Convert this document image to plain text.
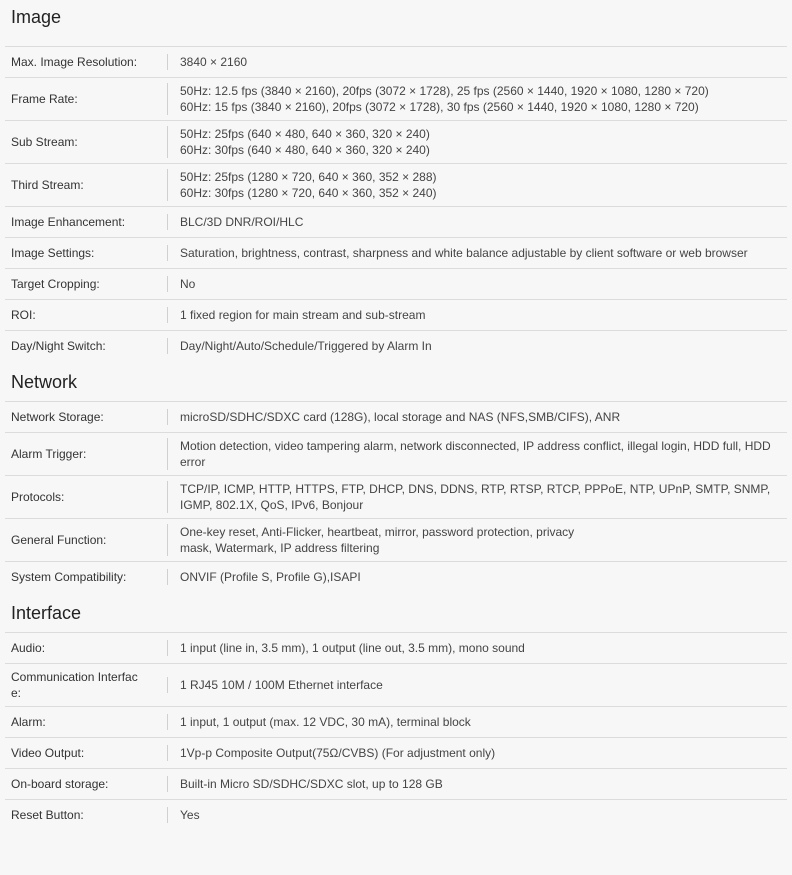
Image
Max. Image Resolution:	3840 × 2160

Frame Rate:	50Hz: 12.5 fps (3840 × 2160), 20fps (3072 × 1728), 25 fps (2560 × 1440, 1920 × 1080, 1280 × 720)
60Hz: 15 fps (3840 × 2160), 20fps (3072 × 1728), 30 fps (2560 × 1440, 1920 × 1080, 1280 × 720)

Sub Stream:	50Hz: 25fps (640 × 480, 640 × 360, 320 × 240)
60Hz: 30fps (640 × 480, 640 × 360, 320 × 240)

Third Stream:	50Hz: 25fps (1280 × 720, 640 × 360, 352 × 288)
60Hz: 30fps (1280 × 720, 640 × 360, 352 × 240)

Image Enhancement:	BLC/3D DNR/ROI/HLC

Image Settings:	Saturation, brightness, contrast, sharpness and white balance adjustable by client software or web browser

Target Cropping:	No

ROI:	1 fixed region for main stream and sub-stream

Day/Night Switch:	Day/Night/Auto/Schedule/Triggered by Alarm In
Network
Network Storage:	microSD/SDHC/SDXC card (128G), local storage and NAS (NFS,SMB/CIFS), ANR

Alarm Trigger:	Motion detection, video tampering alarm, network disconnected, IP address conflict, illegal login, HDD full, HDD
error

Protocols:	TCP/IP, ICMP, HTTP, HTTPS, FTP, DHCP, DNS, DDNS, RTP, RTSP, RTCP, PPPoE, NTP, UPnP, SMTP, SNMP,
IGMP, 802.1X, QoS, IPv6, Bonjour

General Function:	One-key reset, Anti-Flicker, heartbeat, mirror, password protection, privacy
mask, Watermark, IP address filtering

System Compatibility:	ONVIF (Profile S, Profile G),ISAPI
Interface
Audio:	1 input (line in, 3.5 mm), 1 output (line out, 3.5 mm), mono sound

Communication Interfac
e:	1 RJ45 10M / 100M Ethernet interface

Alarm:	1 input, 1 output (max. 12 VDC, 30 mA), terminal block

Video Output:	1Vp-p Composite Output(75Ω/CVBS) (For adjustment only)

On-board storage:	Built-in Micro SD/SDHC/SDXC slot, up to 128 GB

Reset Button:	Yes
